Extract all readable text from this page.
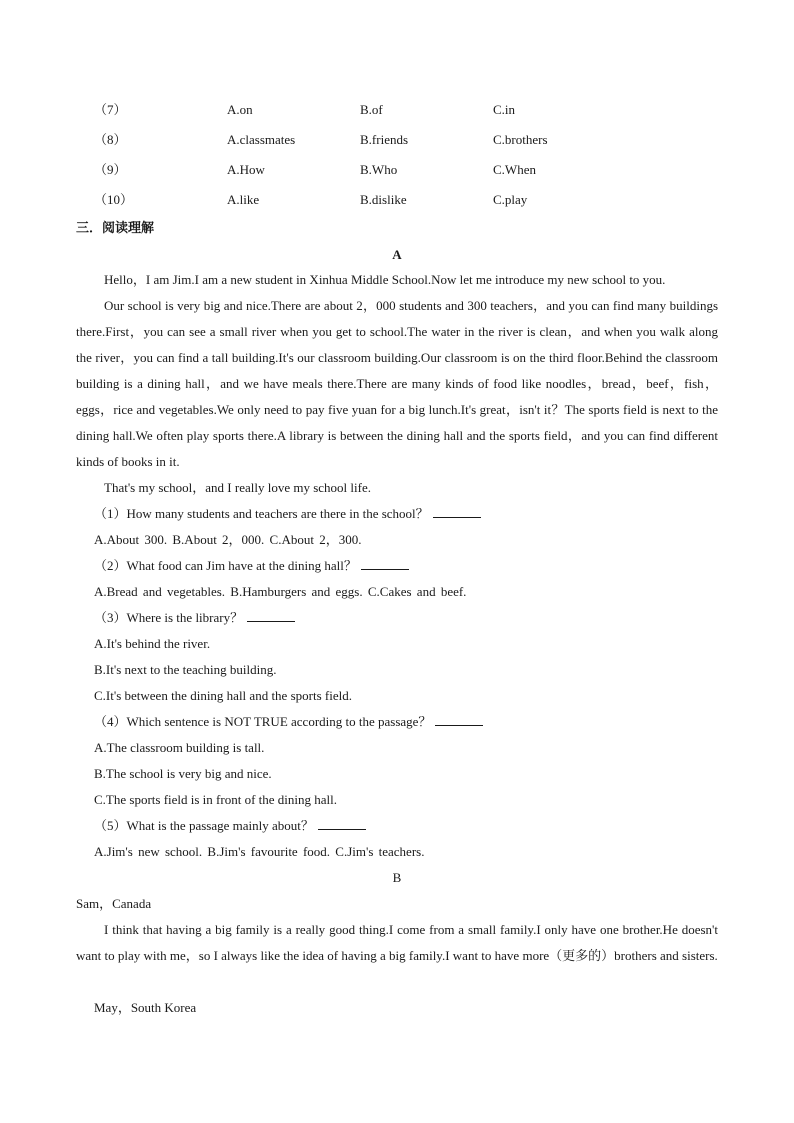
（7）	A.on	B.of	C.in
（8）	A.classmates	B.friends	C.brothers
（9）	A.How	B.Who	C.When
（10）	A.like	B.dislike	C.play
三．阅读理解
A

Hello，I am Jim.I am a new student in Xinhua Middle School.Now let me introduce my new school to you.

Our school is very big and nice.There are about 2，000 students and 300 teachers，and you can find many buildings there.First，you can see a small river when you get to school.The water in the river is clean，and when you walk along the river，you can find a tall building.It's our classroom building.Our classroom is on the third floor.Behind the classroom building is a dining hall，and we have meals there.There are many kinds of food like noodles，bread，beef，fish，eggs，rice and vegetables.We only need to pay five yuan for a big lunch.It's great，isn't it？The sports field is next to the dining hall.We often play sports there.A library is between the dining hall and the sports field，and you can find different kinds of books in it.

That's my school，and I really love my school life.

（1）How many students and teachers are there in the school？
A.About 300. B.About 2，000. C.About 2，300.
（2）What food can Jim have at the dining hall？
A.Bread and vegetables. B.Hamburgers and eggs. C.Cakes and beef.
（3）Where is the library？
A.It's behind the river.
B.It's next to the teaching building.
C.It's between the dining hall and the sports field.
（4）Which sentence is NOT TRUE according to the passage？
A.The classroom building is tall.
B.The school is very big and nice.
C.The sports field is in front of the dining hall.
（5）What is the passage mainly about？
A.Jim's new school. B.Jim's favourite food. C.Jim's teachers.
B
Sam，Canada

I think that having a big family is a really good thing.I come from a small family.I only have one brother.He doesn't want to play with me，so I always like the idea of having a big family.I want to have more（更多的）brothers and sisters.

May，South Korea
